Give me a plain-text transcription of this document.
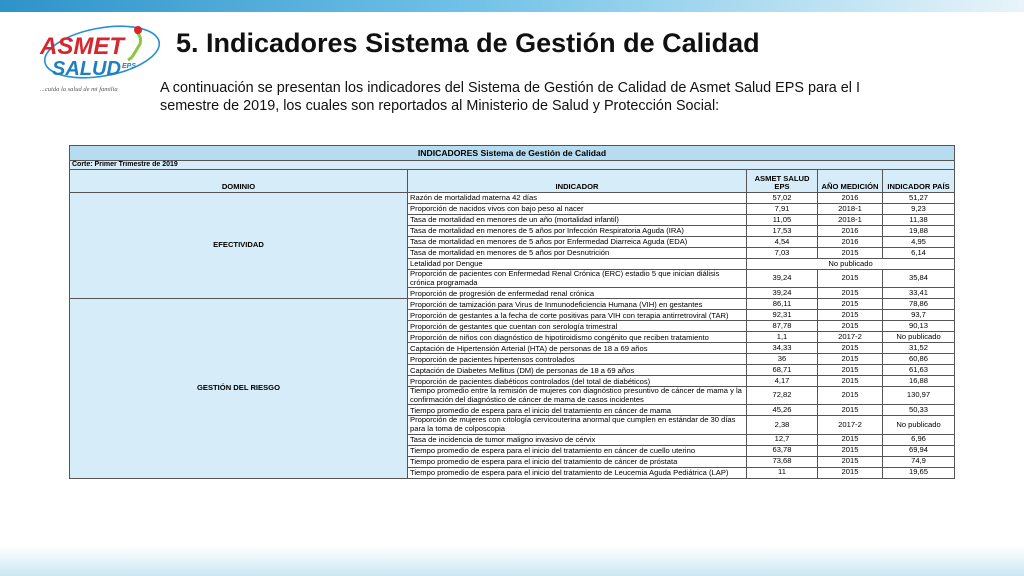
ASMET
SALUD EPS
...cuida la salud de mi familia
5. Indicadores Sistema de Gestión de Calidad
A continuación se presentan los indicadores del Sistema de Gestión de Calidad de Asmet Salud EPS para el I semestre de 2019, los cuales son reportados al Ministerio de Salud y Protección Social:
INDICADORES Sistema de Gestión de Calidad				
Corte: Primer Trimestre de 2019				
DOMINIO	INDICADOR	ASMET SALUD EPS	AÑO MEDICIÓN	INDICADOR PAÍS
EFECTIVIDAD	Razón de mortalidad materna 42 días	57,02	2016	51,27
	Proporción de nacidos vivos con bajo peso al nacer	7,91	2018-1	9,23
	Tasa de mortalidad en menores de un año (mortalidad infantil)	11,05	2018-1	11,38
	Tasa de mortalidad en menores de 5 años por Infección Respiratoria Aguda (IRA)	17,53	2016	19,88
	Tasa de mortalidad en menores de 5 años por Enfermedad Diarreica Aguda (EDA)	4,54	2016	4,95
	Tasa de mortalidad en menores de 5 años por Desnutrición	7,03	2015	6,14
	Letalidad por Dengue	No publicado		
	Proporción de pacientes con Enfermedad Renal Crónica (ERC) estadio 5 que inician diálisis crónica programada	39,24	2015	35,84
	Proporción de progresión de enfermedad renal crónica	39,24	2015	33,41
GESTIÓN DEL RIESGO	Proporción de tamización para Virus de Inmunodeficiencia Humana (VIH) en gestantes	86,11	2015	78,86
	Proporción de gestantes a la fecha de corte positivas para VIH con terapia antirretroviral (TAR)	92,31	2015	93,7
	Proporción de gestantes que cuentan con serología trimestral	87,78	2015	90,13
	Proporción de niños con diagnóstico de hipotiroidismo congénito que reciben tratamiento	1,1	2017-2	No publicado
	Captación de Hipertensión Arterial (HTA) de personas de 18 a 69 años	34,33	2015	31,52
	Proporción de pacientes hipertensos controlados	36	2015	60,86
	Captación de Diabetes Mellitus (DM) de personas de 18 a 69 años	68,71	2015	61,63
	Proporción de pacientes diabéticos controlados (del total de diabéticos)	4,17	2015	16,88
	Tiempo promedio entre la remisión de mujeres con diagnóstico presuntivo de cáncer de mama y la confirmación del diagnóstico de cáncer de mama de casos incidentes	72,82	2015	130,97
	Tiempo promedio de espera para el inicio del tratamiento en cáncer de mama	45,26	2015	50,33
	Proporción de mujeres con citología cervicouterina anormal que cumplen en estándar de 30 días para la toma de colposcopia	2,38	2017-2	No publicado
	Tasa de incidencia de tumor maligno invasivo de cérvix	12,7	2015	6,96
	Tiempo promedio de espera para el inicio del tratamiento en cáncer de cuello uterino	63,78	2015	69,94
	Tiempo promedio de espera para el inicio del tratamiento de cáncer de próstata	73,68	2015	74,9
	Tiempo promedio de espera para el inicio del tratamiento de Leucemia Aguda Pediátrica (LAP)	11	2015	19,65
